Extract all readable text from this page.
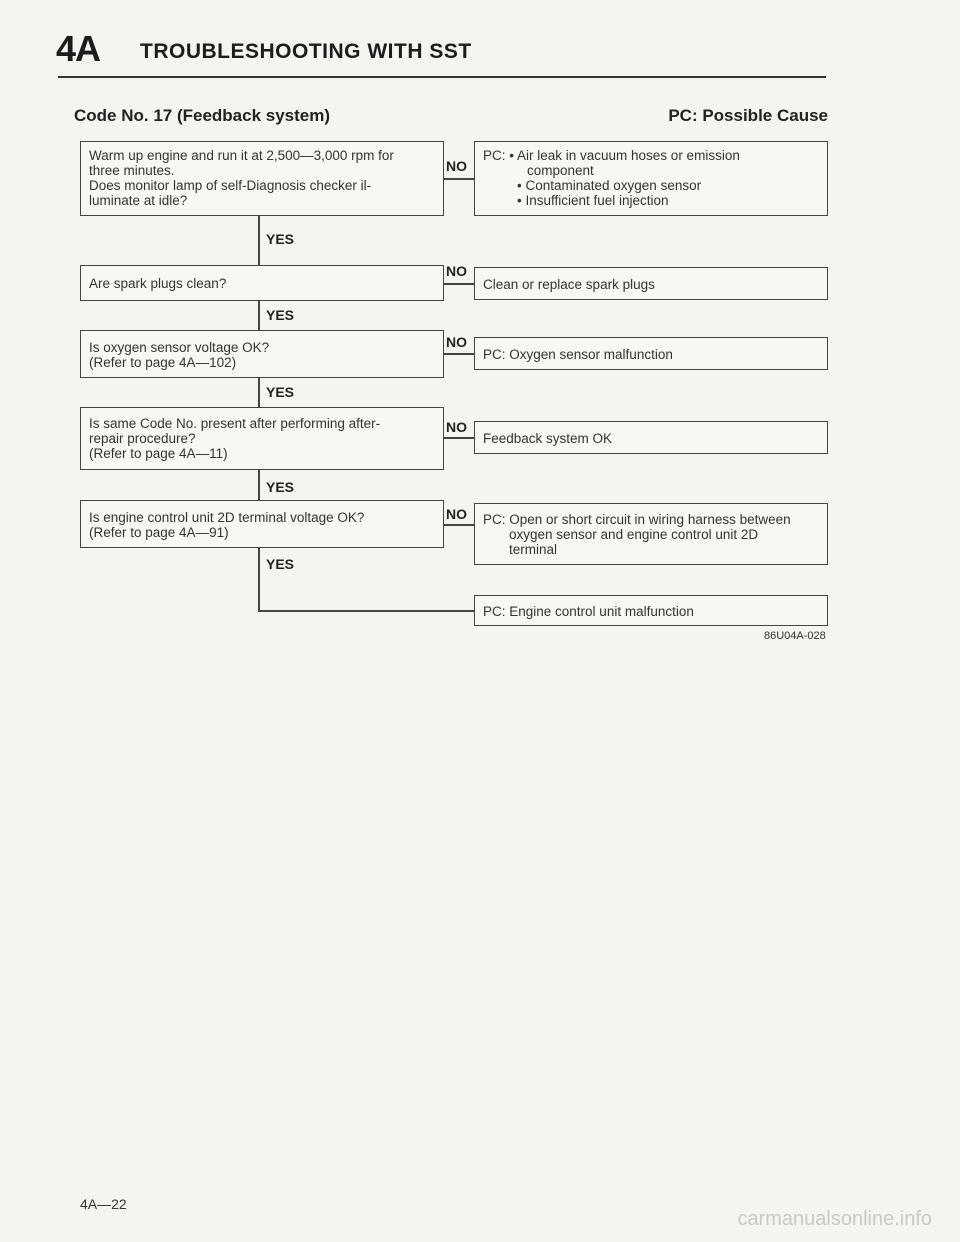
4A TROUBLESHOOTING WITH SST
Code No. 17 (Feedback system)	PC: Possible Cause
Warm up engine and run it at 2,500—3,000 rpm for
three minutes.
Does monitor lamp of self-Diagnosis checker il-
luminate at idle?
Are spark plugs clean?
Is oxygen sensor voltage OK?
(Refer to page 4A—102)
Is same Code No. present after performing after-
repair procedure?
(Refer to page 4A—11)
Is engine control unit 2D terminal voltage OK?
(Refer to page 4A—91)
PC: • Air leak in vacuum hoses or emission
component
• Contaminated oxygen sensor
• Insufficient fuel injection
Clean or replace spark plugs
PC: Oxygen sensor malfunction
Feedback system OK
PC: Open or short circuit in wiring harness between
oxygen sensor and engine control unit 2D
terminal
PC: Engine control unit malfunction
YES
YES
YES
YES
YES
NO
NO
NO
NO
NO
86U04A-028
4A—22
carmanualsonline.info
